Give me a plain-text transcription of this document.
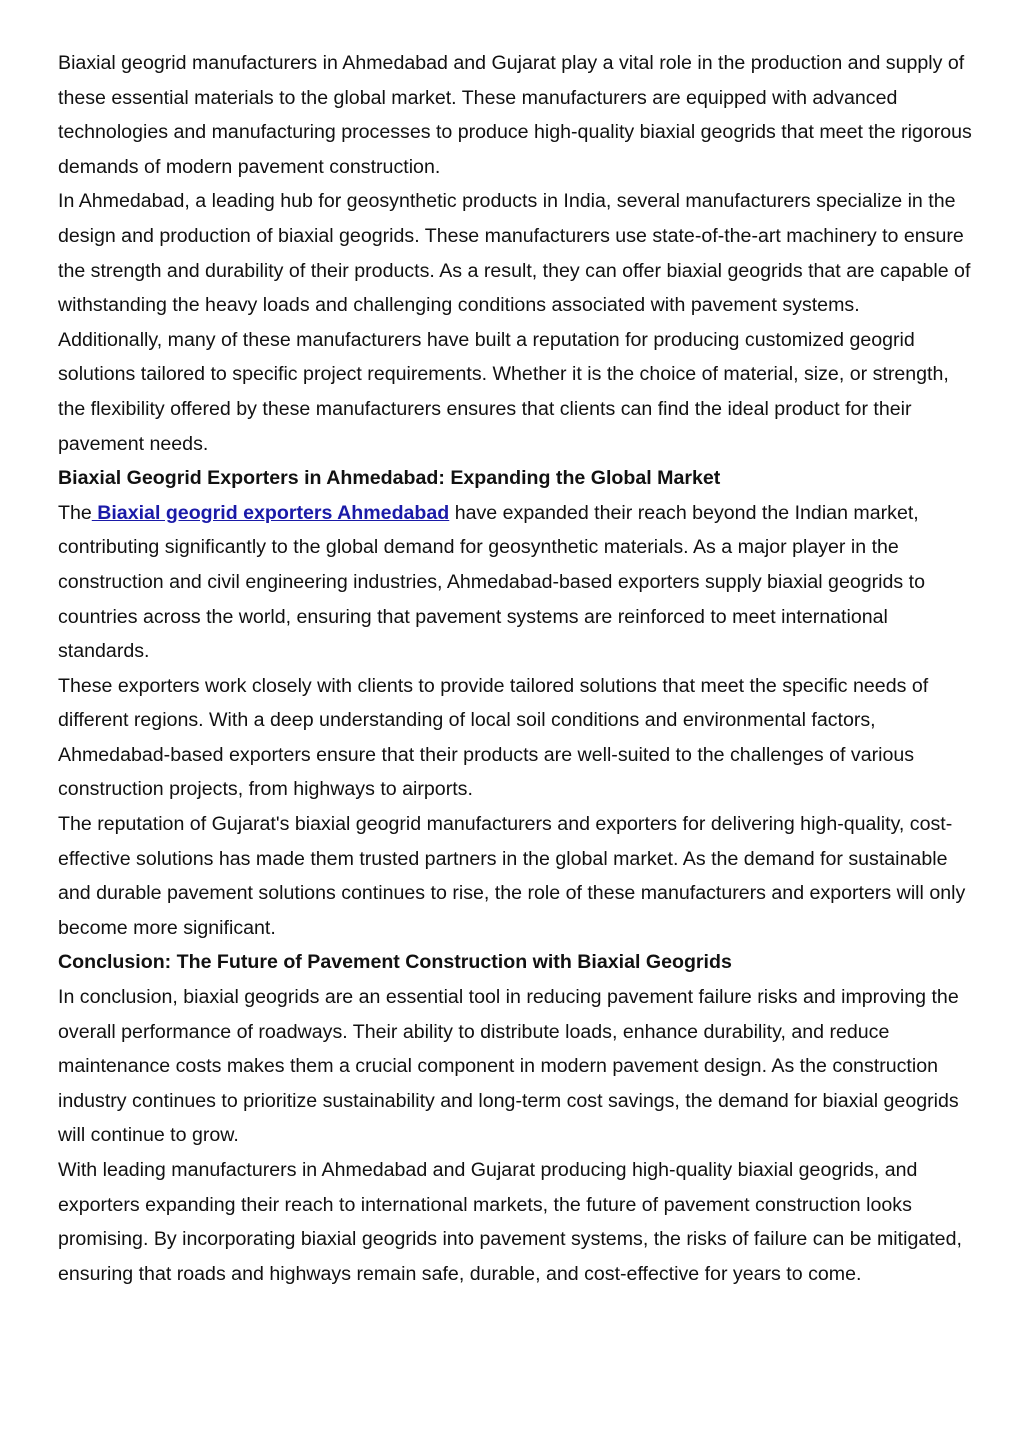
Biaxial geogrid manufacturers in Ahmedabad and Gujarat play a vital role in the production and supply of these essential materials to the global market. These manufacturers are equipped with advanced technologies and manufacturing processes to produce high-quality biaxial geogrids that meet the rigorous demands of modern pavement construction.

In Ahmedabad, a leading hub for geosynthetic products in India, several manufacturers specialize in the design and production of biaxial geogrids. These manufacturers use state-of-the-art machinery to ensure the strength and durability of their products. As a result, they can offer biaxial geogrids that are capable of withstanding the heavy loads and challenging conditions associated with pavement systems.

Additionally, many of these manufacturers have built a reputation for producing customized geogrid solutions tailored to specific project requirements. Whether it is the choice of material, size, or strength, the flexibility offered by these manufacturers ensures that clients can find the ideal product for their pavement needs.

Biaxial Geogrid Exporters in Ahmedabad: Expanding the Global Market

The Biaxial geogrid exporters Ahmedabad have expanded their reach beyond the Indian market, contributing significantly to the global demand for geosynthetic materials. As a major player in the construction and civil engineering industries, Ahmedabad-based exporters supply biaxial geogrids to countries across the world, ensuring that pavement systems are reinforced to meet international standards.

These exporters work closely with clients to provide tailored solutions that meet the specific needs of different regions. With a deep understanding of local soil conditions and environmental factors, Ahmedabad-based exporters ensure that their products are well-suited to the challenges of various construction projects, from highways to airports.

The reputation of Gujarat's biaxial geogrid manufacturers and exporters for delivering high-quality, cost-effective solutions has made them trusted partners in the global market. As the demand for sustainable and durable pavement solutions continues to rise, the role of these manufacturers and exporters will only become more significant.

Conclusion: The Future of Pavement Construction with Biaxial Geogrids

In conclusion, biaxial geogrids are an essential tool in reducing pavement failure risks and improving the overall performance of roadways. Their ability to distribute loads, enhance durability, and reduce maintenance costs makes them a crucial component in modern pavement design. As the construction industry continues to prioritize sustainability and long-term cost savings, the demand for biaxial geogrids will continue to grow.

With leading manufacturers in Ahmedabad and Gujarat producing high-quality biaxial geogrids, and exporters expanding their reach to international markets, the future of pavement construction looks promising. By incorporating biaxial geogrids into pavement systems, the risks of failure can be mitigated, ensuring that roads and highways remain safe, durable, and cost-effective for years to come.
